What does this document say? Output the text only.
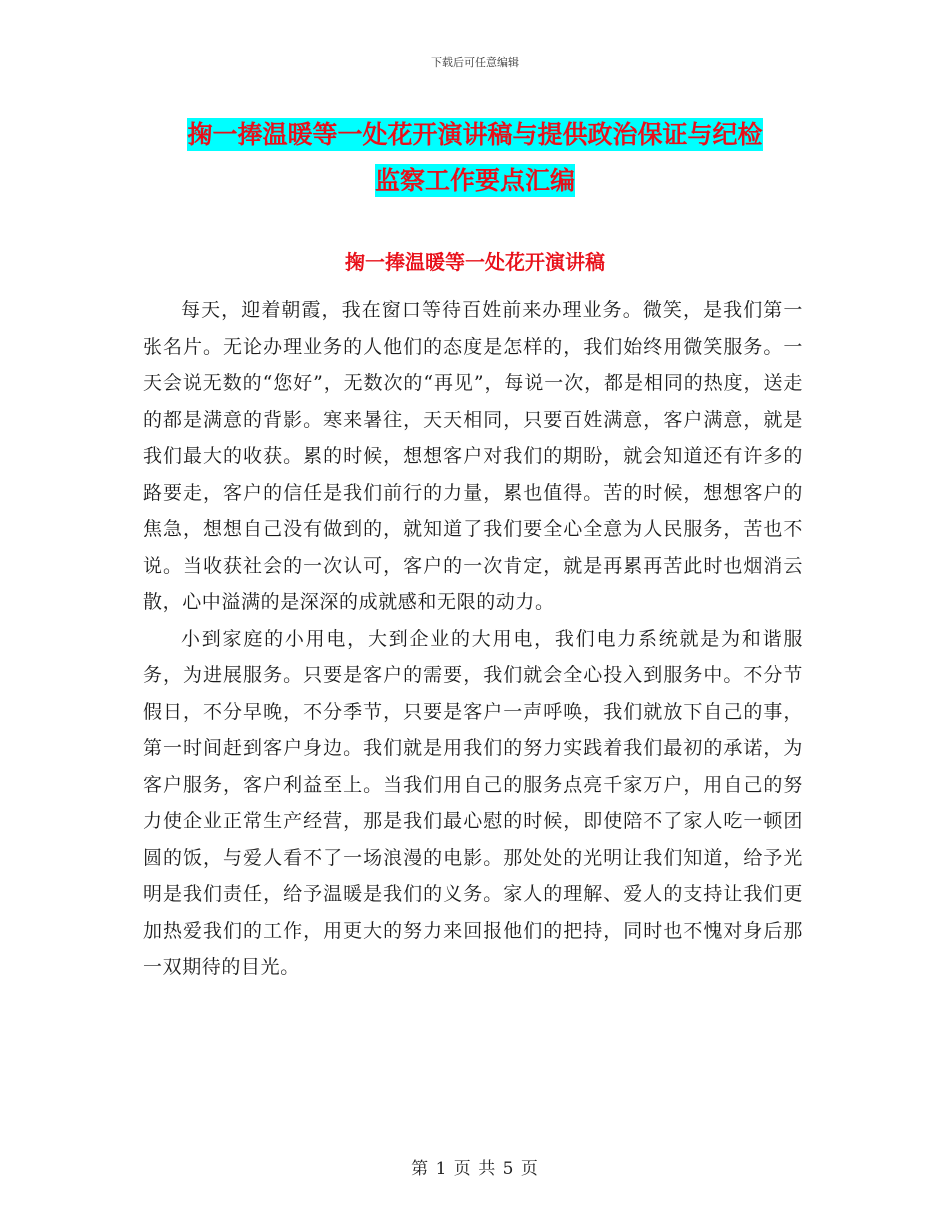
下载后可任意编辑
掬一捧温暖等一处花开演讲稿与提供政治保证与纪检
监察工作要点汇编
掬一捧温暖等一处花开演讲稿

每天，迎着朝霞，我在窗口等待百姓前来办理业务。微笑，是我们第一张名片。无论办理业务的人他们的态度是怎样的，我们始终用微笑服务。一天会说无数的“您好”，无数次的“再见”，每说一次，都是相同的热度，送走的都是满意的背影。寒来暑往，天天相同，只要百姓满意，客户满意，就是我们最大的收获。累的时候，想想客户对我们的期盼，就会知道还有许多的路要走，客户的信任是我们前行的力量，累也值得。苦的时候，想想客户的焦急，想想自己没有做到的，就知道了我们要全心全意为人民服务，苦也不说。当收获社会的一次认可，客户的一次肯定，就是再累再苦此时也烟消云散，心中溢满的是深深的成就感和无限的动力。

小到家庭的小用电，大到企业的大用电，我们电力系统就是为和谐服务，为进展服务。只要是客户的需要，我们就会全心投入到服务中。不分节假日，不分早晚，不分季节，只要是客户一声呼唤，我们就放下自己的事，第一时间赶到客户身边。我们就是用我们的努力实践着我们最初的承诺，为客户服务，客户利益至上。当我们用自己的服务点亮千家万户，用自己的努力使企业正常生产经营，那是我们最心慰的时候，即使陪不了家人吃一顿团圆的饭，与爱人看不了一场浪漫的电影。那处处的光明让我们知道，给予光明是我们责任，给予温暖是我们的义务。家人的理解、爱人的支持让我们更加热爱我们的工作，用更大的努力来回报他们的把持，同时也不愧对身后那一双期待的目光。

第 1 页 共 5 页
